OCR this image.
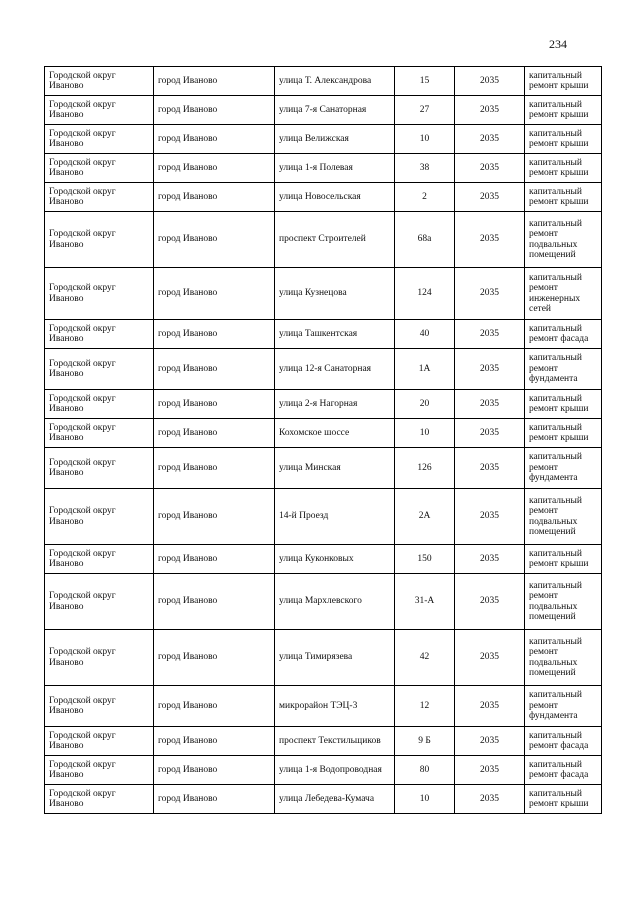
234
Городской округ Иваново	город Иваново	улица Т. Александрова	15	2035	капитальный ремонт крыши
Городской округ Иваново	город Иваново	улица 7-я Санаторная	27	2035	капитальный ремонт крыши
Городской округ Иваново	город Иваново	улица Велижская	10	2035	капитальный ремонт крыши
Городской округ Иваново	город Иваново	улица 1-я Полевая	38	2035	капитальный ремонт крыши
Городской округ Иваново	город Иваново	улица Новосельская	2	2035	капитальный ремонт крыши
Городской округ Иваново	город Иваново	проспект Строителей	68а	2035	капитальный ремонт подвальных помещений
Городской округ Иваново	город Иваново	улица Кузнецова	124	2035	капитальный ремонт инженерных сетей
Городской округ Иваново	город Иваново	улица Ташкентская	40	2035	капитальный ремонт фасада
Городской округ Иваново	город Иваново	улица 12-я Санаторная	1А	2035	капитальный ремонт фундамента
Городской округ Иваново	город Иваново	улица 2-я Нагорная	20	2035	капитальный ремонт крыши
Городской округ Иваново	город Иваново	Кохомское шоссе	10	2035	капитальный ремонт крыши
Городской округ Иваново	город Иваново	улица Минская	126	2035	капитальный ремонт фундамента
Городской округ Иваново	город Иваново	14-й Проезд	2А	2035	капитальный ремонт подвальных помещений
Городской округ Иваново	город Иваново	улица Куконковых	150	2035	капитальный ремонт крыши
Городской округ Иваново	город Иваново	улица Мархлевского	31-А	2035	капитальный ремонт подвальных помещений
Городской округ Иваново	город Иваново	улица Тимирязева	42	2035	капитальный ремонт подвальных помещений
Городской округ Иваново	город Иваново	микрорайон ТЭЦ-3	12	2035	капитальный ремонт фундамента
Городской округ Иваново	город Иваново	проспект Текстильщиков	9 Б	2035	капитальный ремонт фасада
Городской округ Иваново	город Иваново	улица 1-я Водопроводная	80	2035	капитальный ремонт фасада
Городской округ Иваново	город Иваново	улица Лебедева-Кумача	10	2035	капитальный ремонт крыши
